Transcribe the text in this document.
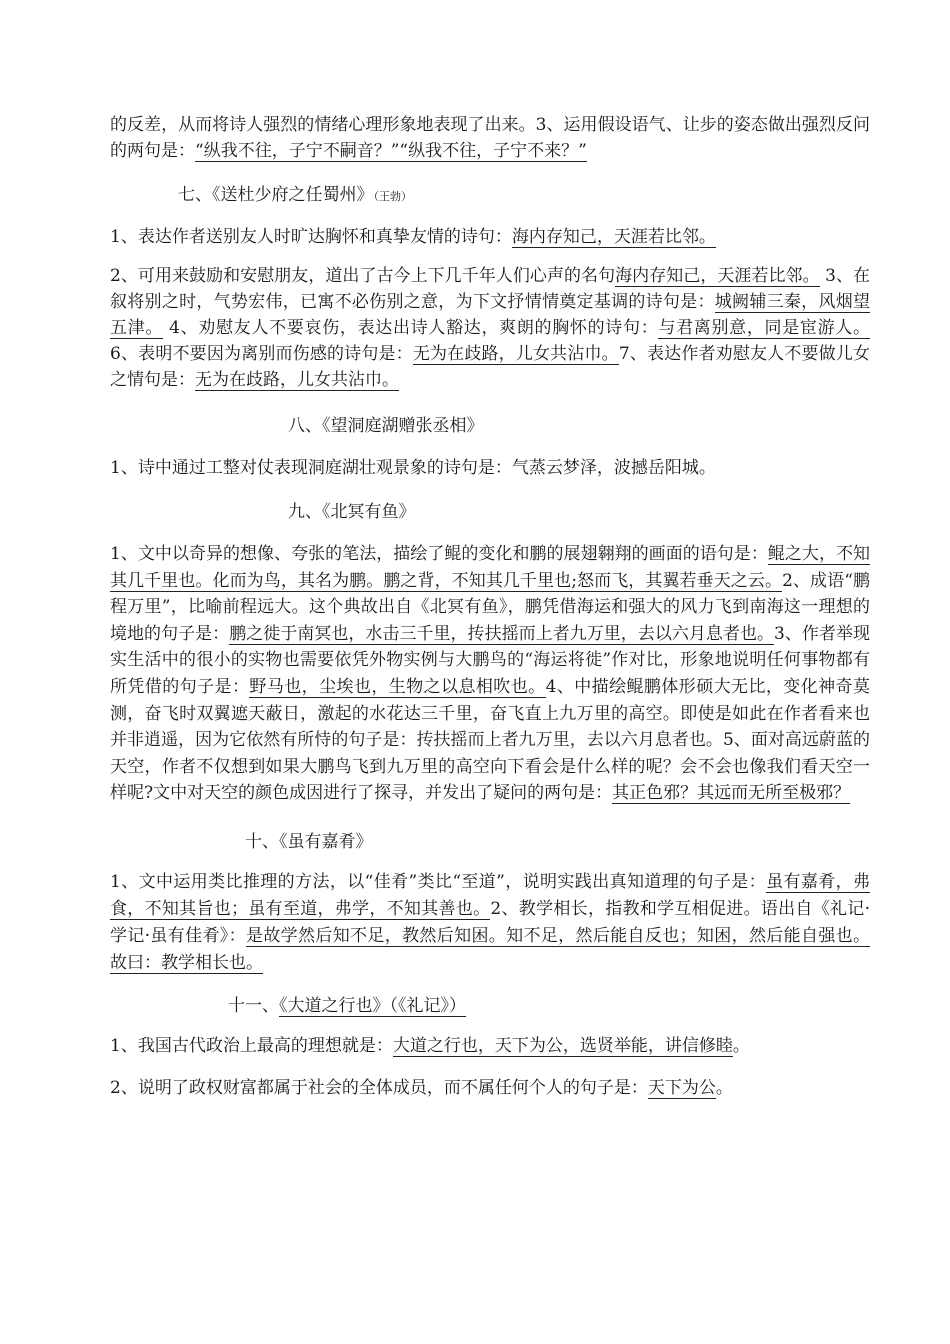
的反差，从而将诗人强烈的情绪心理形象地表现了出来。3、运用假设语气、让步的姿态做出强烈反问的两句是：“纵我不往，子宁不嗣音？”“纵我不往，子宁不来？”

七、《送杜少府之任蜀州》（王勃）

1、表达作者送别友人时旷达胸怀和真挚友情的诗句：海内存知己，天涯若比邻。

2、可用来鼓励和安慰朋友，道出了古今上下几千年人们心声的名句海内存知己，天涯若比邻。 3、在叙将别之时，气势宏伟，已寓不必伤别之意，为下文抒情情奠定基调的诗句是：城阙辅三秦，风烟望五津。 4、劝慰友人不要哀伤，表达出诗人豁达，爽朗的胸怀的诗句：与君离别意，同是宦游人。 6、表明不要因为离别而伤感的诗句是：无为在歧路，儿女共沾巾。7、表达作者劝慰友人不要做儿女之情句是：无为在歧路，儿女共沾巾。

八、《望洞庭湖赠张丞相》

1、诗中通过工整对仗表现洞庭湖壮观景象的诗句是：气蒸云梦泽，波撼岳阳城。

九、《北冥有鱼》

1、文中以奇异的想像、夸张的笔法，描绘了鲲的变化和鹏的展翅翱翔的画面的语句是：鲲之大，不知其几千里也。化而为鸟，其名为鹏。鹏之背，不知其几千里也;怒而飞，其翼若垂天之云。2、成语“鹏程万里”，比喻前程远大。这个典故出自《北冥有鱼》，鹏凭借海运和强大的风力飞到南海这一理想的境地的句子是：鹏之徙于南冥也，水击三千里，抟扶摇而上者九万里，去以六月息者也。3、作者举现实生活中的很小的实物也需要依凭外物实例与大鹏鸟的“海运将徙”作对比，形象地说明任何事物都有所凭借的句子是：野马也，尘埃也，生物之以息相吹也。4、中描绘鲲鹏体形硕大无比，变化神奇莫测，奋飞时双翼遮天蔽日，激起的水花达三千里，奋飞直上九万里的高空。即使是如此在作者看来也并非逍遥，因为它依然有所恃的句子是：抟扶摇而上者九万里，去以六月息者也。5、面对高远蔚蓝的天空，作者不仅想到如果大鹏鸟飞到九万里的高空向下看会是什么样的呢？会不会也像我们看天空一样呢?文中对天空的颜色成因进行了探寻，并发出了疑问的两句是：其正色邪？其远而无所至极邪？

十、《虽有嘉肴》

1、文中运用类比推理的方法，以“佳肴”类比“至道”，说明实践出真知道理的句子是：虽有嘉肴，弗食，不知其旨也；虽有至道，弗学，不知其善也。2、教学相长，指教和学互相促进。语出自《礼记·学记·虽有佳肴》：是故学然后知不足，教然后知困。知不足，然后能自反也；知困，然后能自强也。故曰：教学相长也。

十一、《大道之行也》（《礼记》）

1、我国古代政治上最高的理想就是：大道之行也，天下为公，选贤举能，讲信修睦。

2、说明了政权财富都属于社会的全体成员，而不属任何个人的句子是：天下为公。
